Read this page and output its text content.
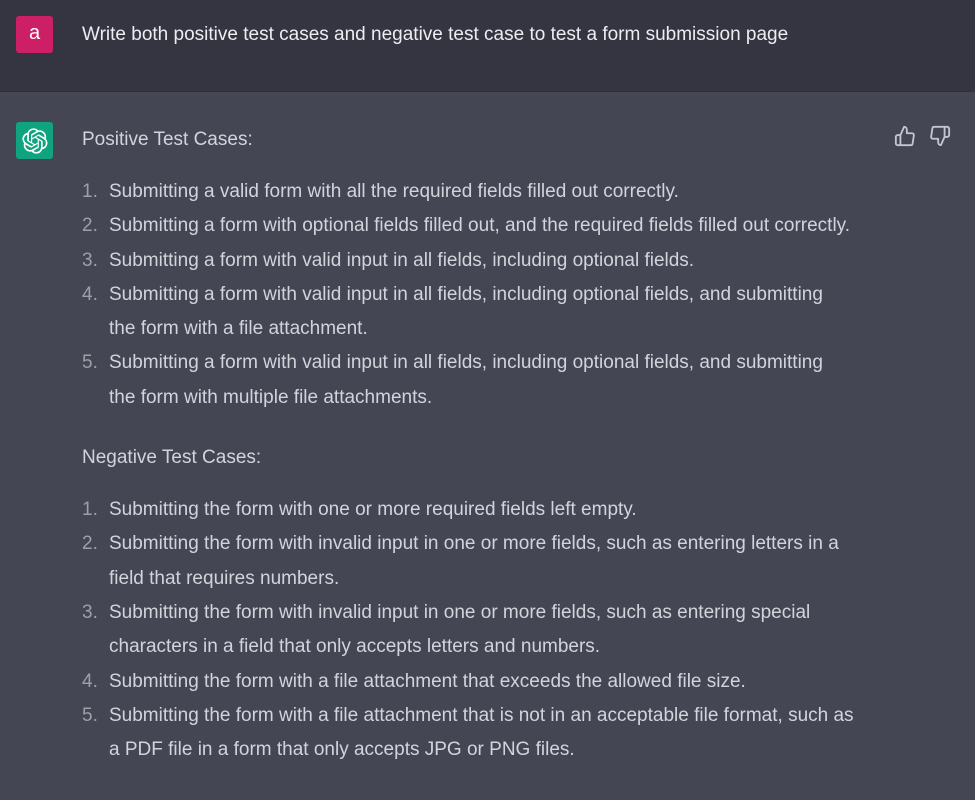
a	Write both positive test cases and negative test case to test a form submission page

Positive Test Cases:

1. Submitting a valid form with all the required fields filled out correctly.
2. Submitting a form with optional fields filled out, and the required fields filled out correctly.
3. Submitting a form with valid input in all fields, including optional fields.
4. Submitting a form with valid input in all fields, including optional fields, and submitting
the form with a file attachment.
5. Submitting a form with valid input in all fields, including optional fields, and submitting
the form with multiple file attachments.

Negative Test Cases:

1. Submitting the form with one or more required fields left empty.
2. Submitting the form with invalid input in one or more fields, such as entering letters in a
field that requires numbers.
3. Submitting the form with invalid input in one or more fields, such as entering special
characters in a field that only accepts letters and numbers.
4. Submitting the form with a file attachment that exceeds the allowed file size.
5. Submitting the form with a file attachment that is not in an acceptable file format, such as
a PDF file in a form that only accepts JPG or PNG files.
